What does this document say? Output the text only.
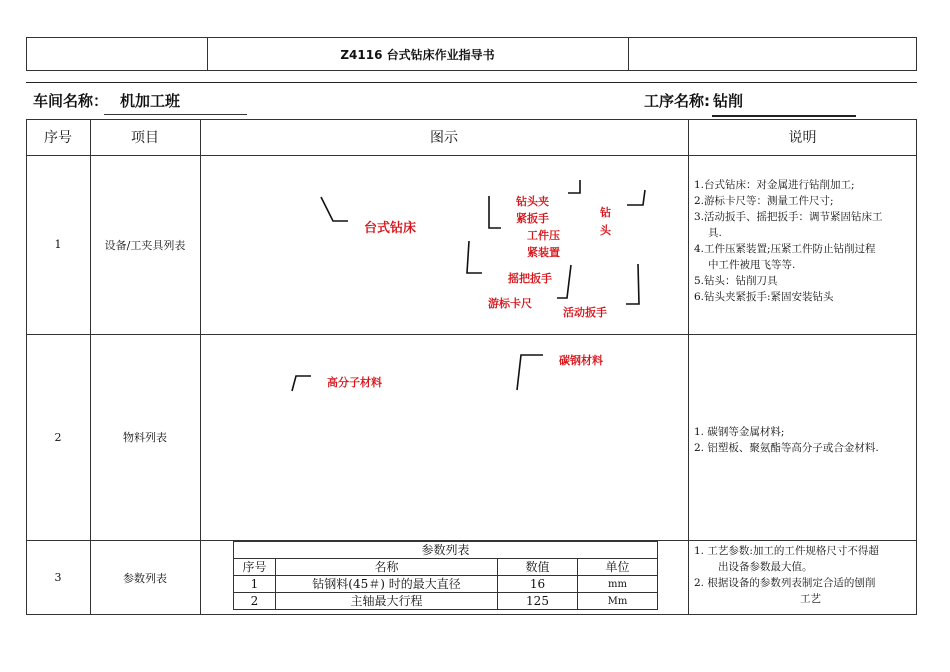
Z4116 台式钻床作业指导书
车间名称： 机加工班	工序名称: 钻削
序号	项目	图示	说明
1	设备/工夹具列表
台式钻床
钻头夹
紧扳手
工件压
紧装置
钻
头
摇把扳手
游标卡尺
活动扳手
1.台式钻床：对金属进行钻削加工;
2.游标卡尺等：测量工件尺寸;
3.活动扳手、摇把扳手：调节紧固钻床工
具.
4.工件压紧装置;压紧工件防止钻削过程
中工件被甩飞等等.
5.钻头：钻削刀具
6.钻头夹紧扳手:紧固安装钻头
2	物料列表
碳钢材料
高分子材料
1. 碳钢等金属材料;
2. 铝塑板、聚氨酯等高分子或合金材料.
3	参数列表
参数列表			
序号	名称	数值	单位
1	钻钢料(45＃) 时的最大直径	16	mm
2	主轴最大行程	125	Mm
1. 工艺参数:加工的工件规格尺寸不得超
出设备参数最大值。
2. 根据设备的参数列表制定合适的刨削
工艺
